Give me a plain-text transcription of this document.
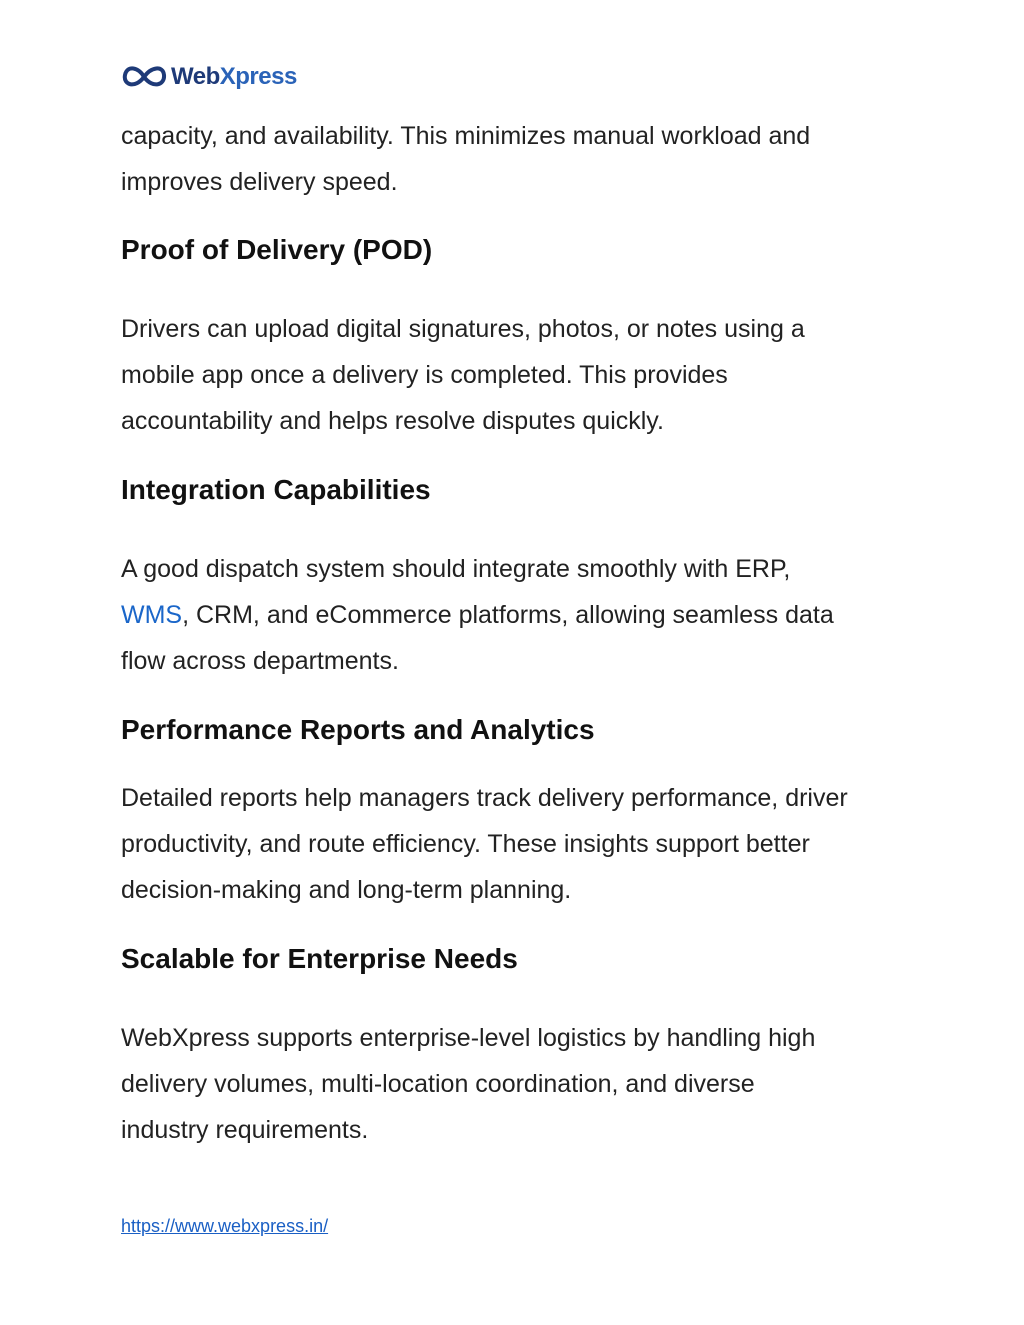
WebXpress

capacity, and availability. This minimizes manual workload and
improves delivery speed.

Proof of Delivery (POD)

Drivers can upload digital signatures, photos, or notes using a
mobile app once a delivery is completed. This provides
accountability and helps resolve disputes quickly.

Integration Capabilities

A good dispatch system should integrate smoothly with ERP,
WMS, CRM, and eCommerce platforms, allowing seamless data
flow across departments.

Performance Reports and Analytics

Detailed reports help managers track delivery performance, driver
productivity, and route efficiency. These insights support better
decision-making and long-term planning.

Scalable for Enterprise Needs

WebXpress supports enterprise-level logistics by handling high
delivery volumes, multi-location coordination, and diverse
industry requirements.

https://www.webxpress.in/
